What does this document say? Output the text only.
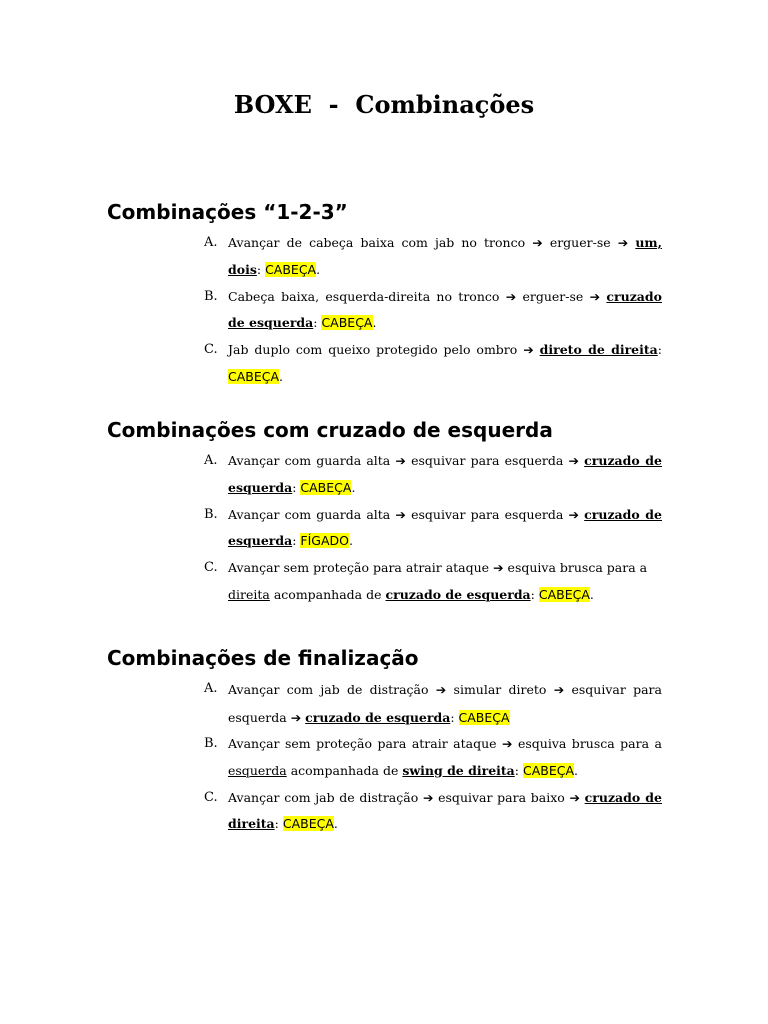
BOXE  -  Combinações
Combinações “1-2-3”
A. Avançar de cabeça baixa com jab no tronco ➔ erguer-se ➔ um, dois: CABEÇA.
B. Cabeça baixa, esquerda-direita no tronco ➔ erguer-se ➔ cruzado de esquerda: CABEÇA.
C. Jab duplo com queixo protegido pelo ombro ➔ direto de direita: CABEÇA.
Combinações com cruzado de esquerda
A. Avançar com guarda alta ➔ esquivar para esquerda ➔ cruzado de esquerda: CABEÇA.
B. Avançar com guarda alta ➔ esquivar para esquerda ➔ cruzado de esquerda: FÍGADO.
C. Avançar sem proteção para atrair ataque ➔ esquiva brusca para a direita acompanhada de cruzado de esquerda: CABEÇA.
Combinações de finalização
A. Avançar com jab de distração ➔ simular direto ➔ esquivar para esquerda ➔ cruzado de esquerda: CABEÇA
B. Avançar sem proteção para atrair ataque ➔ esquiva brusca para a esquerda acompanhada de swing de direita: CABEÇA.
C. Avançar com jab de distração ➔ esquivar para baixo ➔ cruzado de direita: CABEÇA.
